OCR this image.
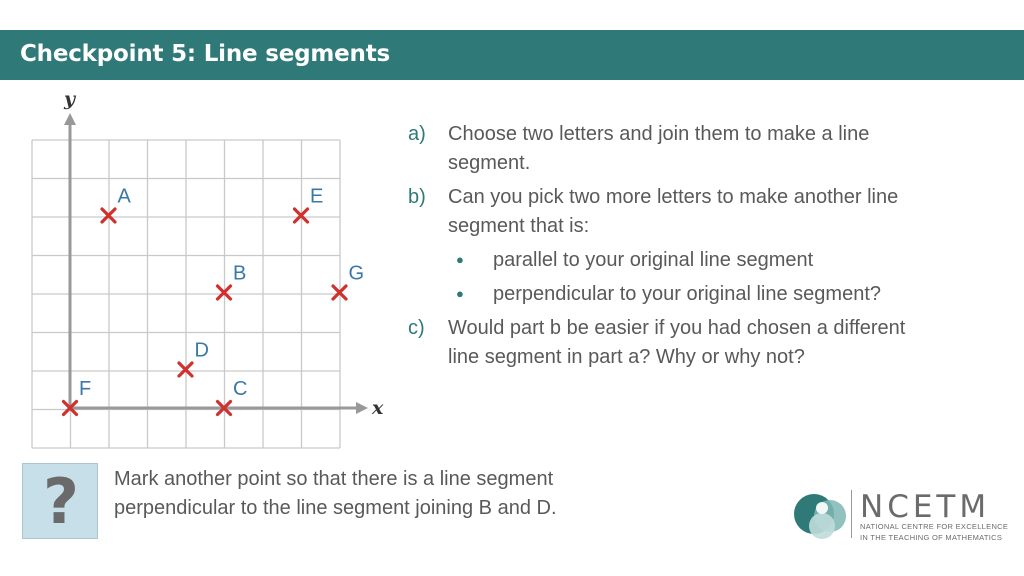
Checkpoint 5: Line segments
x
y
A	E
B	G
D
F	C
a)	Choose two letters and join them to make a line segment.
b)	Can you pick two more letters to make another line segment that is:
●	parallel to your original line segment
●	perpendicular to your original line segment?
c)	Would part b be easier if you had chosen a different line segment in part a? Why or why not?
?	Mark another point so that there is a line segment perpendicular to the line segment joining B and D.	NCETM
NATIONAL CENTRE FOR EXCELLENCE
IN THE TEACHING OF MATHEMATICS
